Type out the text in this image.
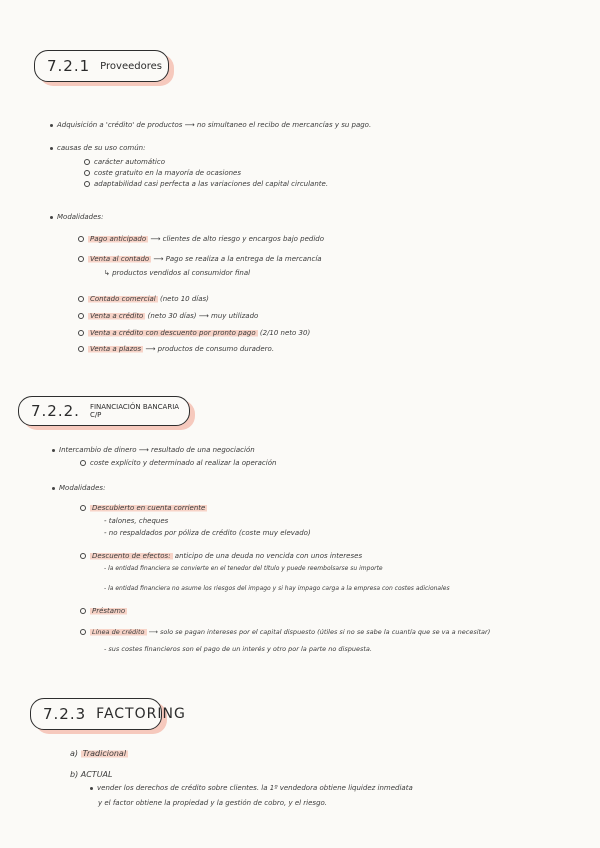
7.2.1 Proveedores
Adquisición a 'crédito' de productos ⟶ no simultaneo el recibo de mercancías y su pago.
causas de su uso común:
carácter automático
coste gratuito en la mayoría de ocasiones
adaptabilidad casi perfecta a las variaciones del capital circulante.
Modalidades:
Pago anticipado ⟶ clientes de alto riesgo y encargos bajo pedido
Venta al contado ⟶ Pago se realiza a la entrega de la mercancía
↳ productos vendidos al consumidor final
Contado comercial (neto 10 días)
Venta a crédito (neto 30 días) ⟶ muy utilizado
Venta a crédito con descuento por pronto pago (2/10 neto 30)
Venta a plazos ⟶ productos de consumo duradero.
7.2.2. FINANCIACIÓN BANCARIA C/P
Intercambio de dinero ⟶ resultado de una negociación
coste explícito y determinado al realizar la operación
Modalidades:
Descubierto en cuenta corriente
- talones, cheques
- no respaldados por póliza de crédito (coste muy elevado)
Descuento de efectos: anticipo de una deuda no vencida con unos intereses
- la entidad financiera se convierte en el tenedor del título y puede reembolsarse su importe
- la entidad financiera no asume los riesgos del impago y si hay impago carga a la empresa con costes adicionales
Préstamo
Línea de crédito ⟶ solo se pagan intereses por el capital dispuesto (útiles si no se sabe la cuantía que se va a necesitar)
- sus costes financieros son el pago de un interés y otro por la parte no dispuesta.
7.2.3 FACTORING
a) Tradicional
b) ACTUAL
vender los derechos de crédito sobre clientes. la 1º vendedora obtiene liquidez inmediata
y el factor obtiene la propiedad y la gestión de cobro, y el riesgo.
